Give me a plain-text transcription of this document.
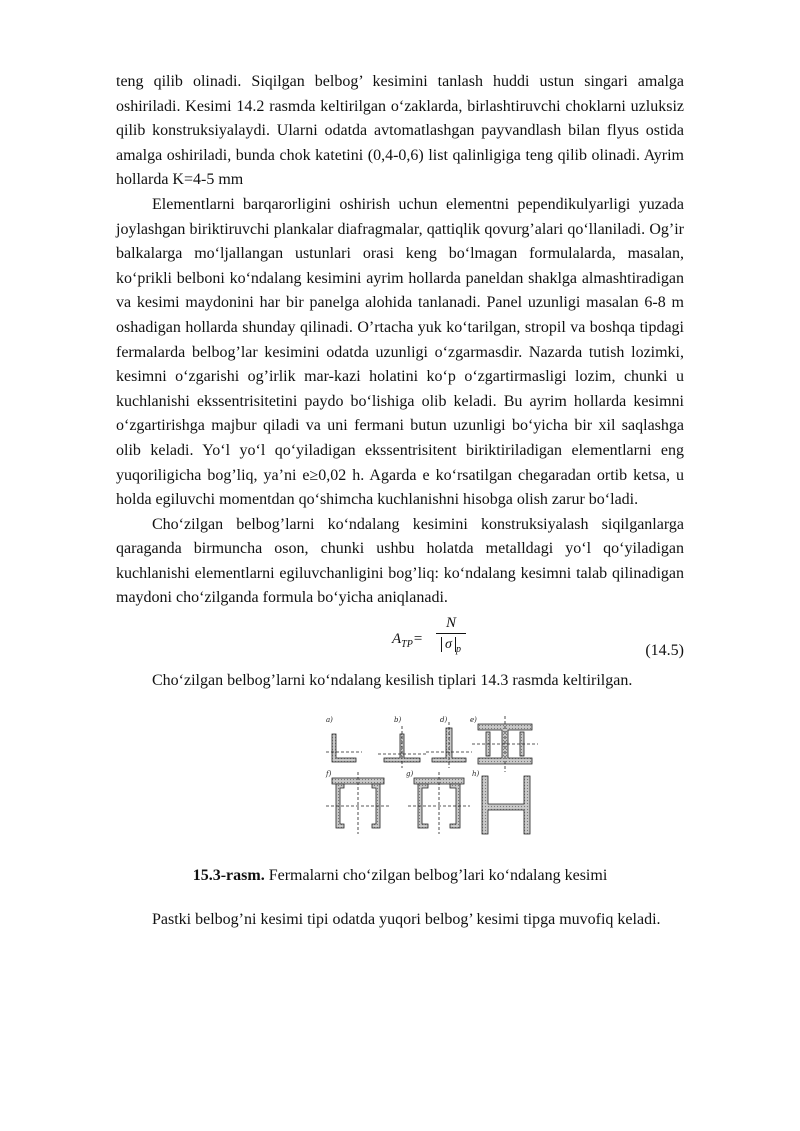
teng qilib olinadi. Siqilgan belbog’ kesimini tanlash huddi ustun singari amalga oshiriladi. Kesimi 14.2 rasmda keltirilgan o‘zaklarda, birlashtiruvchi choklarni uzluksiz qilib konstruksiyalaydi. Ularni odatda avtomatlashgan payvandlash bilan flyus ostida amalga oshiriladi, bunda chok katetini (0,4-0,6) list qalinligiga teng qilib olinadi. Ayrim hollarda K=4-5 mm

Elementlarni barqarorligini oshirish uchun elementni pependikulyarligi yuzada joylashgan biriktiruvchi plankalar diafragmalar, qattiqlik qovurg’alari qo‘llaniladi. Og’ir balkalarga mo‘ljallangan ustunlari orasi keng bo‘lmagan formulalarda, masalan, ko‘prikli belboni ko‘ndalang kesimini ayrim hollarda paneldan shaklga almashtiradigan va kesimi maydonini har bir panelga alohida tanlanadi. Panel uzunligi masalan 6-8 m oshadigan hollarda shunday qilinadi. O’rtacha yuk ko‘tarilgan, stropil va boshqa tipdagi fermalarda belbog’lar kesimini odatda uzunligi o‘zgarmasdir. Nazarda tutish lozimki, kesimni o‘zgarishi og’irlik mar-kazi holatini ko‘p o‘zgartirmasligi lozim, chunki u kuchlanishi ekssentrisitetini paydo bo‘lishiga olib keladi. Bu ayrim hollarda kesimni o‘zgartirishga majbur qiladi va uni fermani butun uzunligi bo‘yicha bir xil saqlashga olib keladi. Yo‘l yo‘l qo‘yiladigan ekssentrisitent biriktiriladigan elementlarni eng yuqoriligicha bog’liq, ya’ni e≥0,02 h. Agarda e ko‘rsatilgan chegaradan ortib ketsa, u holda egiluvchi momentdan qo‘shimcha kuchlanishni hisobga olish zarur bo‘ladi.

Cho‘zilgan belbog’larni ko‘ndalang kesimini konstruksiyalash siqilganlarga qaraganda birmuncha oson, chunki ushbu holatda metalldagi yo‘l qo‘yiladigan kuchlanishi elementlarni egiluvchanligini bog’liq: ko‘ndalang kesimni talab qilinadigan maydoni cho‘zilganda formula bo‘yicha aniqlanadi.

$A_{TP}=$
N
σ $_p$	(14.5)

Cho‘zilgan belbog’larni ko‘ndalang kesilish tiplari 14.3 rasmda keltirilgan.

a)	b)	d)	e)
f)	g)	h)

15.3-rasm. Fermalarni cho‘zilgan belbog’lari ko‘ndalang kesimi

Pastki belbog’ni kesimi tipi odatda yuqori belbog’ kesimi tipga muvofiq keladi.
